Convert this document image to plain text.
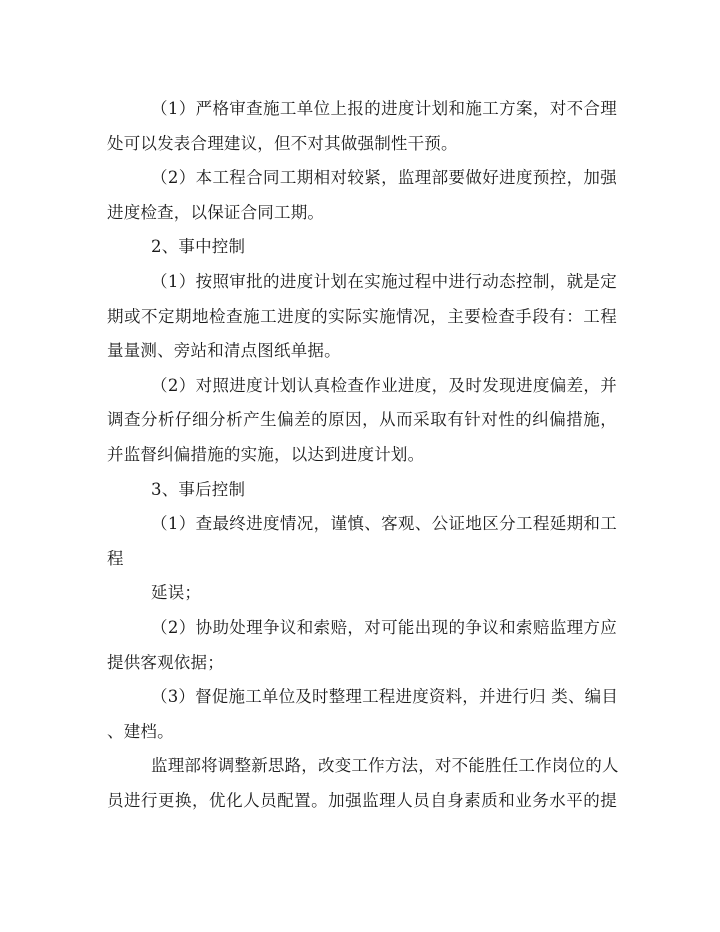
（1）严格审查施工单位上报的进度计划和施工方案，对不合理
处可以发表合理建议，但不对其做强制性干预。
（2）本工程合同工期相对较紧，监理部要做好进度预控，加强
进度检查，以保证合同工期。
2、事中控制
（1）按照审批的进度计划在实施过程中进行动态控制，就是定
期或不定期地检查施工进度的实际实施情况，主要检查手段有：工程
量量测、旁站和清点图纸单据。
（2）对照进度计划认真检查作业进度，及时发现进度偏差，并
调查分析仔细分析产生偏差的原因，从而采取有针对性的纠偏措施，
并监督纠偏措施的实施，以达到进度计划。
3、事后控制
（1）查最终进度情况，谨慎、客观、公证地区分工程延期和工
程
延误；
（2）协助处理争议和索赔，对可能出现的争议和索赔监理方应
提供客观依据；
（3）督促施工单位及时整理工程进度资料，并进行归 类、编目
、建档。
监理部将调整新思路，改变工作方法，对不能胜任工作岗位的人
员进行更换，优化人员配置。加强监理人员自身素质和业务水平的提
